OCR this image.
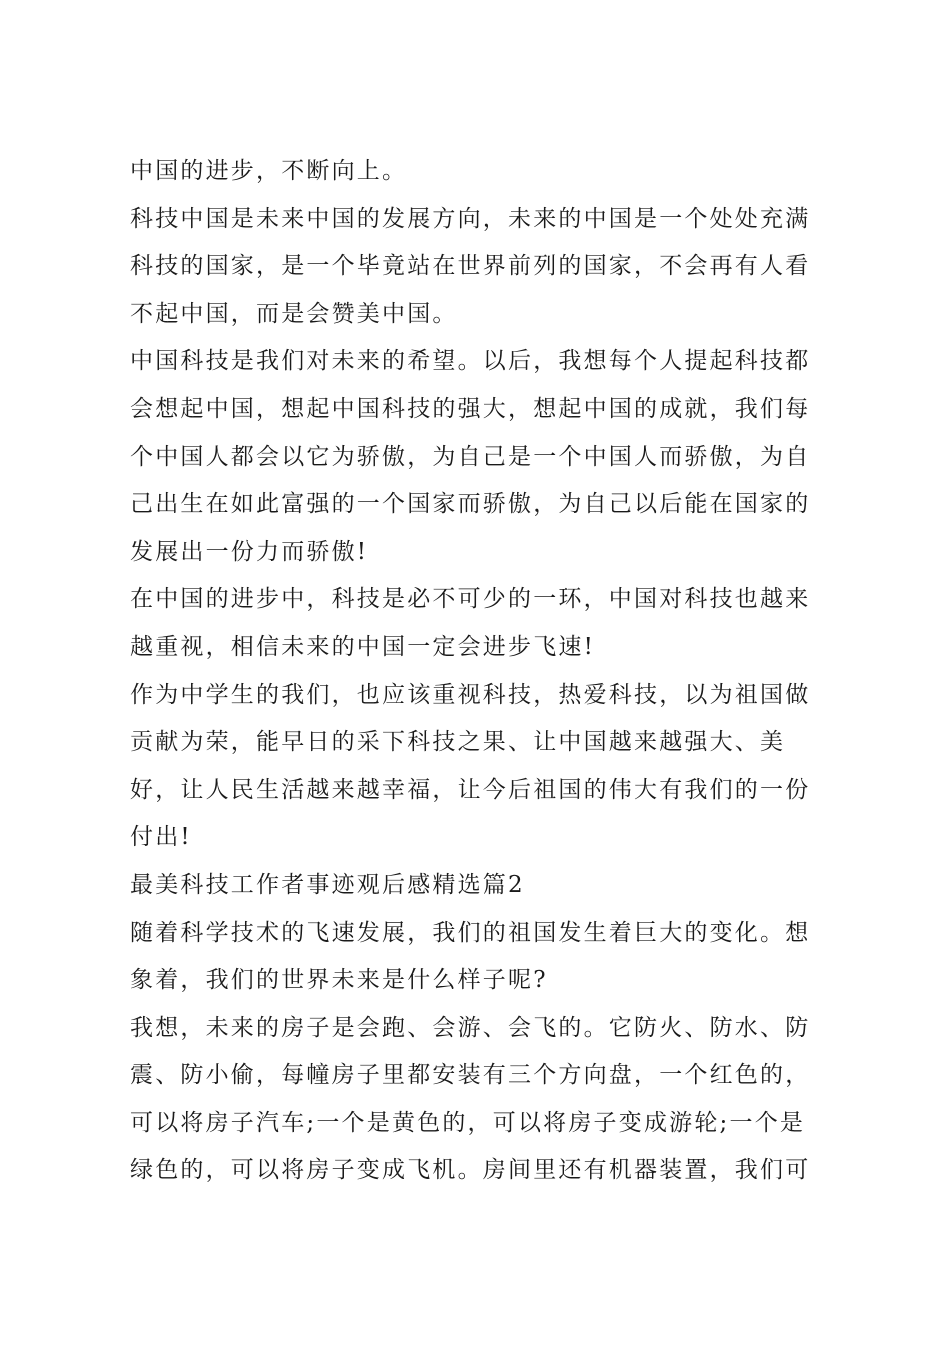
中国的进步，不断向上。
科技中国是未来中国的发展方向，未来的中国是一个处处充满
科技的国家，是一个毕竟站在世界前列的国家，不会再有人看
不起中国，而是会赞美中国。
中国科技是我们对未来的希望。以后，我想每个人提起科技都
会想起中国，想起中国科技的强大，想起中国的成就，我们每
个中国人都会以它为骄傲，为自己是一个中国人而骄傲，为自
己出生在如此富强的一个国家而骄傲，为自己以后能在国家的
发展出一份力而骄傲!
在中国的进步中，科技是必不可少的一环，中国对科技也越来
越重视，相信未来的中国一定会进步飞速!
作为中学生的我们，也应该重视科技，热爱科技，以为祖国做
贡献为荣，能早日的采下科技之果、让中国越来越强大、美
好，让人民生活越来越幸福，让今后祖国的伟大有我们的一份
付出!
最美科技工作者事迹观后感精选篇2
随着科学技术的飞速发展，我们的祖国发生着巨大的变化。想
象着，我们的世界未来是什么样子呢?
我想，未来的房子是会跑、会游、会飞的。它防火、防水、防
震、防小偷，每幢房子里都安装有三个方向盘，一个红色的，
可以将房子汽车;一个是黄色的，可以将房子变成游轮;一个是
绿色的，可以将房子变成飞机。房间里还有机器装置，我们可
